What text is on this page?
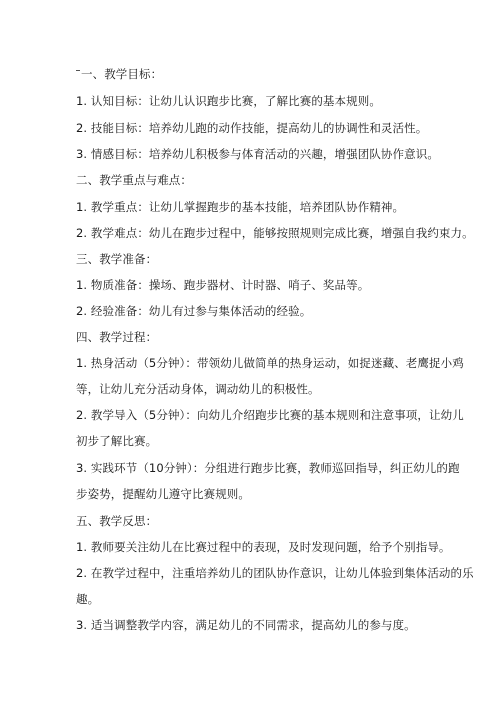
一、教学目标：
1. 认知目标：让幼儿认识跑步比赛，了解比赛的基本规则。
2. 技能目标：培养幼儿跑的动作技能，提高幼儿的协调性和灵活性。
3. 情感目标：培养幼儿积极参与体育活动的兴趣，增强团队协作意识。
二、教学重点与难点：
1. 教学重点：让幼儿掌握跑步的基本技能，培养团队协作精神。
2. 教学难点：幼儿在跑步过程中，能够按照规则完成比赛，增强自我约束力。
三、教学准备：
1. 物质准备：操场、跑步器材、计时器、哨子、奖品等。
2. 经验准备：幼儿有过参与集体活动的经验。
四、教学过程：
1. 热身活动（5分钟）：带领幼儿做简单的热身运动，如捉迷藏、老鹰捉小鸡
等，让幼儿充分活动身体，调动幼儿的积极性。
2. 教学导入（5分钟）：向幼儿介绍跑步比赛的基本规则和注意事项，让幼儿
初步了解比赛。
3. 实践环节（10分钟）：分组进行跑步比赛，教师巡回指导，纠正幼儿的跑
步姿势，提醒幼儿遵守比赛规则。
五、教学反思：
1. 教师要关注幼儿在比赛过程中的表现，及时发现问题，给予个别指导。
2. 在教学过程中，注重培养幼儿的团队协作意识，让幼儿体验到集体活动的乐
趣。
3. 适当调整教学内容，满足幼儿的不同需求，提高幼儿的参与度。
